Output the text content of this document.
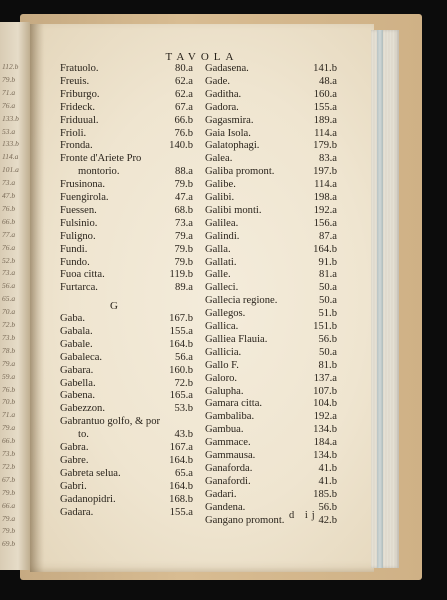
112.b
79.b
71.a
76.a
133.b
53.a
133.b
114.a
101.a
73.a
47.b
76.b
66.b
77.a
76.a
52.b
73.a
56.a
65.a
70.a
72.b
73.b
78.b
79.a
59.a
76.b
70.b
71.a
79.a
66.b
73.b
72.b
67.b
79.b
66.a
79.a
79.b
69.b
TAVOLA
Fratuolo.	80.a
Freuis.	62.a
Friburgo.	62.a
Frideck.	67.a
Friduual.	66.b
Frioli.	76.b
Fronda.	140.b
Fronte d'Ariete Pro
montorio.	88.a
Frusinona.	79.b
Fuengirola.	47.a
Fuessen.	68.b
Fulsinio.	73.a
Fuligno.	79.a
Fundi.	79.b
Fundo.	79.b
Fuoa citta.	119.b
Furtarca.	89.a
G
Gaba.	167.b
Gabala.	155.a
Gabale.	164.b
Gabaleca.	56.a
Gabara.	160.b
Gabella.	72.b
Gabena.	165.a
Gabezzon.	53.b
Gabrantuo golfo, & por
to.	43.b
Gabra.	167.a
Gabre.	164.b
Gabreta selua.	65.a
Gabri.	164.b
Gadanopidri.	168.b
Gadara.	155.a
Gadasena.	141.b
Gade.	48.a
Gaditha.	160.a
Gadora.	155.a
Gagasmira.	189.a
Gaia Isola.	114.a
Galatophagi.	179.b
Galea.	83.a
Galiba promont.	197.b
Galibe.	114.a
Galibi.	198.a
Galibi monti.	192.a
Galilea.	156.a
Galindi.	87.a
Galla.	164.b
Gallati.	91.b
Galle.	81.a
Galleci.	50.a
Gallecia regione.	50.a
Gallegos.	51.b
Gallica.	151.b
Galliea Flauia.	56.b
Gallicia.	50.a
Gallo F.	81.b
Galoro.	137.a
Galupha.	107.b
Gamara citta.	104.b
Gambaliba.	192.a
Gambua.	134.b
Gammace.	184.a
Gammausa.	134.b
Ganaforda.	41.b
Ganafordi.	41.b
Gadari.	185.b
Gandena.	56.b
Gangano promont.	42.b
d ij
